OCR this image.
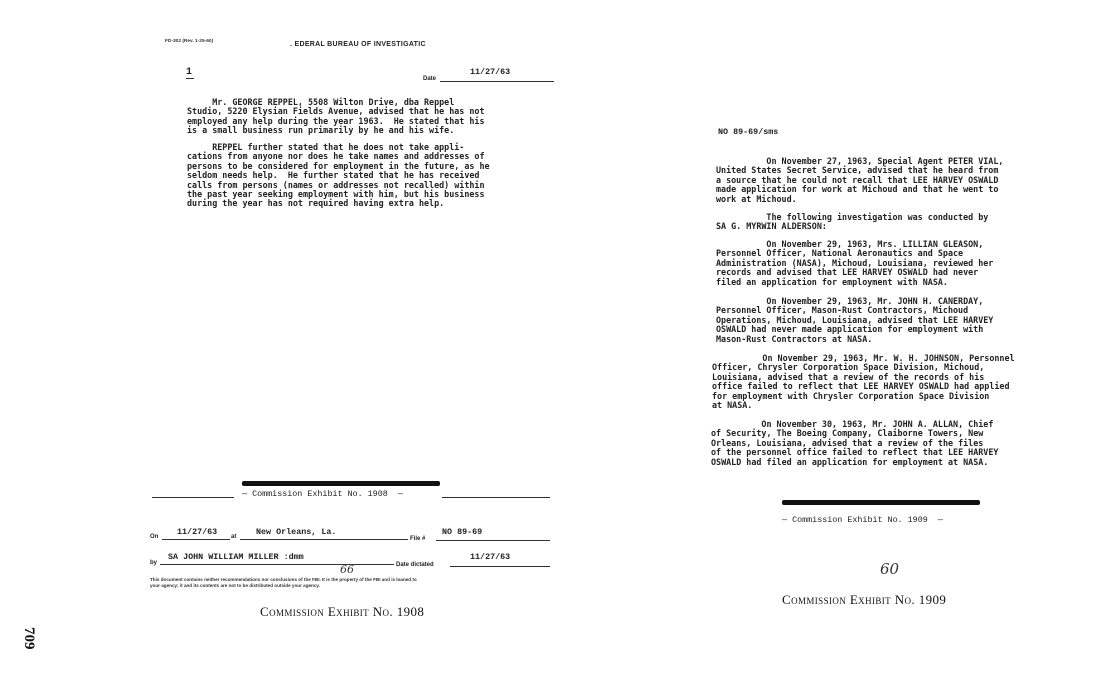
FD-302 (Rev. 1-25-60)	. EDERAL BUREAU OF INVESTIGATIC
1
Date
11/27/63
Mr. GEORGE REPPEL, 5508 Wilton Drive, dba Reppel
Studio, 5220 Elysian Fields Avenue, advised that he has not
employed any help during the year 1963.  He stated that his
is a small business run primarily by he and his wife.
REPPEL further stated that he does not take appli-
cations from anyone nor does he take names and addresses of
persons to be considered for employment in the future, as he
seldom needs help.  He further stated that he has received
calls from persons (names or addresses not recalled) within
the past year seeking employment with him, but his business
during the year has not required having extra help.
— Commission Exhibit No. 1908  —
On 11/27/63 at New Orleans, La.
File #
NO 89-69
by
SA JOHN WILLIAM MILLER :dmm
Date dictated
11/27/63
This document contains neither recommendations nor conclusions of the FBI. It is the property of the FBI and is loaned to
your agency; it and its contents are not to be distributed outside your agency.
66
Commission Exhibit No. 1908
NO 89-69/sms
On November 27, 1963, Special Agent PETER VIAL,
United States Secret Service, advised that he heard from
a source that he could not recall that LEE HARVEY OSWALD
made application for work at Michoud and that he went to
work at Michoud.
The following investigation was conducted by
SA G. MYRWIN ALDERSON:
On November 29, 1963, Mrs. LILLIAN GLEASON,
Personnel Officer, National Aeronautics and Space
Administration (NASA), Michoud, Louisiana, reviewed her
records and advised that LEE HARVEY OSWALD had never
filed an application for employment with NASA.
On November 29, 1963, Mr. JOHN H. CANERDAY,
Personnel Officer, Mason-Rust Contractors, Michoud
Operations, Michoud, Louisiana, advised that LEE HARVEY
OSWALD had never made application for employment with
Mason-Rust Contractors at NASA.
On November 29, 1963, Mr. W. H. JOHNSON, Personnel
Officer, Chrysler Corporation Space Division, Michoud,
Louisiana, advised that a review of the records of his
office failed to reflect that LEE HARVEY OSWALD had applied
for employment with Chrysler Corporation Space Division
at NASA.
On November 30, 1963, Mr. JOHN A. ALLAN, Chief
of Security, The Boeing Company, Claiborne Towers, New
Orleans, Louisiana, advised that a review of the files
of the personnel office failed to reflect that LEE HARVEY
OSWALD had filed an application for employment at NASA.
— Commission Exhibit No. 1909  —
60
Commission Exhibit No. 1909
709
